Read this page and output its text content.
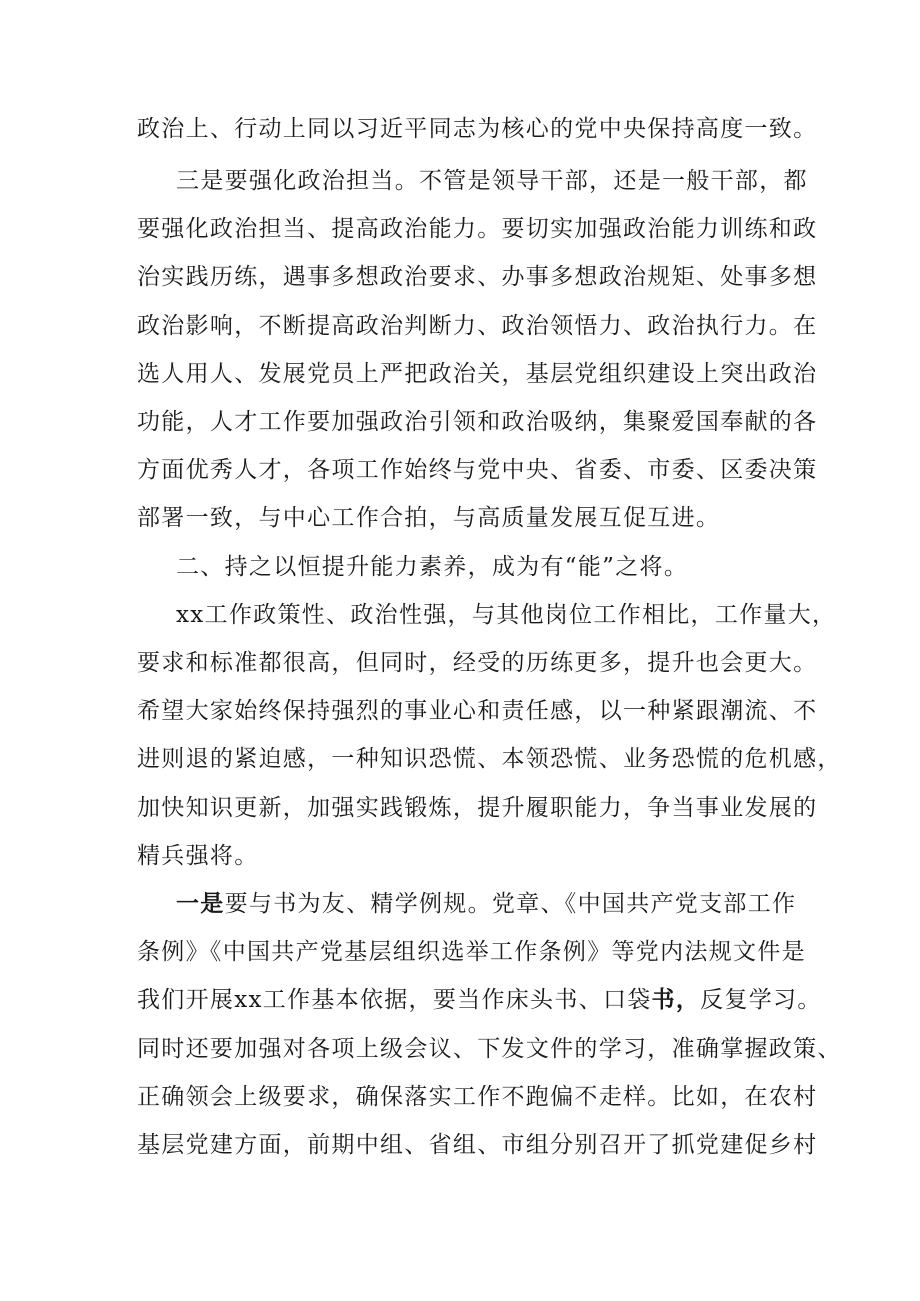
政治上、行动上同以习近平同志为核心的党中央保持高度一致。
三是要强化政治担当。不管是领导干部，还是一般干部，都
要强化政治担当、提高政治能力。要切实加强政治能力训练和政
治实践历练，遇事多想政治要求、办事多想政治规矩、处事多想
政治影响，不断提高政治判断力、政治领悟力、政治执行力。在
选人用人、发展党员上严把政治关，基层党组织建设上突出政治
功能，人才工作要加强政治引领和政治吸纳，集聚爱国奉献的各
方面优秀人才，各项工作始终与党中央、省委、市委、区委决策
部署一致，与中心工作合拍，与高质量发展互促互进。
二、持之以恒提升能力素养，成为有“能”之将。
xx工作政策性、政治性强，与其他岗位工作相比，工作量大，
要求和标准都很高，但同时，经受的历练更多，提升也会更大。
希望大家始终保持强烈的事业心和责任感，以一种紧跟潮流、不
进则退的紧迫感，一种知识恐慌、本领恐慌、业务恐慌的危机感，
加快知识更新，加强实践锻炼，提升履职能力，争当事业发展的
精兵强将。
一是要与书为友、精学例规。党章、《中国共产党支部工作
条例》《中国共产党基层组织选举工作条例》等党内法规文件是
我们开展xx工作基本依据，要当作床头书、口袋书，反复学习。
同时还要加强对各项上级会议、下发文件的学习，准确掌握政策、
正确领会上级要求，确保落实工作不跑偏不走样。比如，在农村
基层党建方面，前期中组、省组、市组分别召开了抓党建促乡村
